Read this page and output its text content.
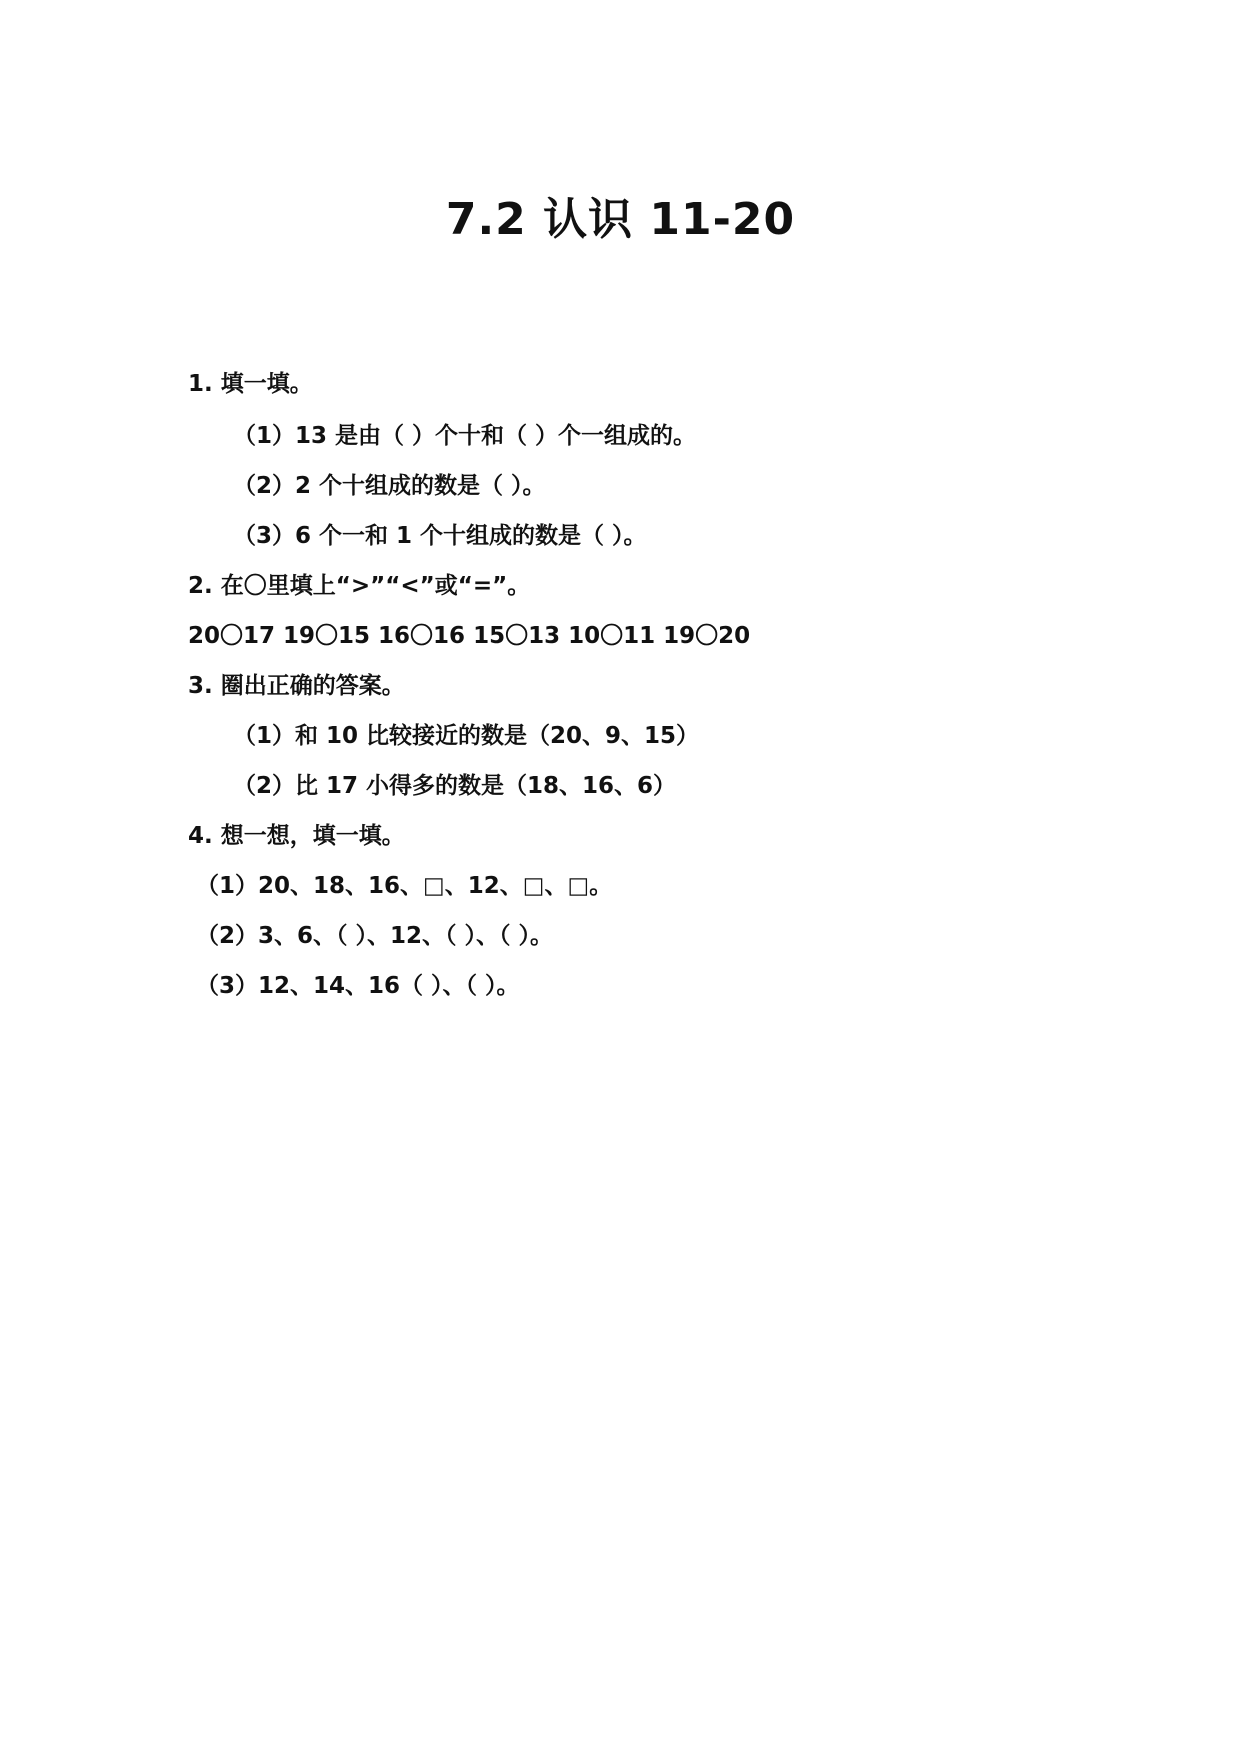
7.2 认识 11-20
1. 填一填。
（1）13 是由（ ）个十和（ ）个一组成的。
（2）2 个十组成的数是（ ）。
（3）6 个一和 1 个十组成的数是（ ）。
2. 在〇里填上“>”“<”或“=”。
20〇17 19〇15 16〇16 15〇13 10〇11 19〇20
3. 圈出正确的答案。
（1）和 10 比较接近的数是（20、9、15）
（2）比 17 小得多的数是（18、16、6）
4. 想一想，填一填。
（1）20、18、16、□、12、□、□。
（2）3、6、（ ）、12、（ ）、（ ）。
（3）12、14、16（ ）、（ ）。
